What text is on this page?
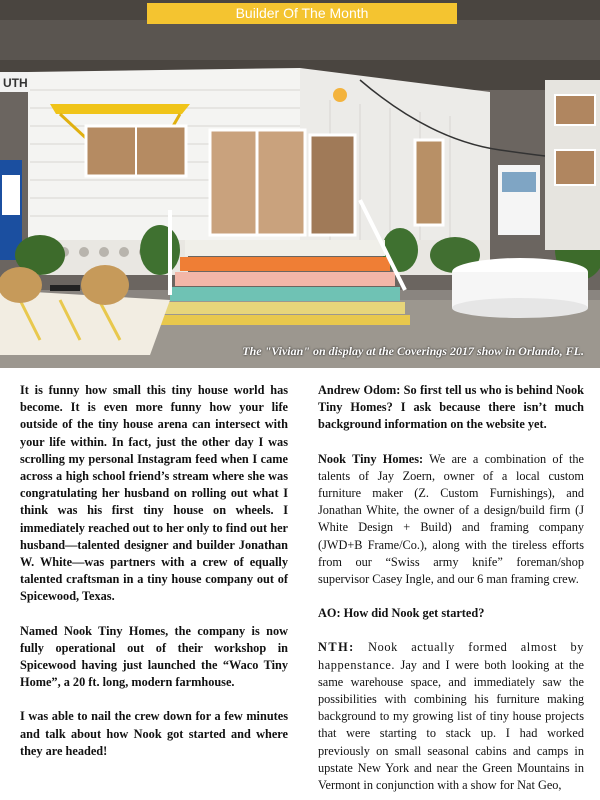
UTH
Builder Of The Month
The "Vivian" on display at the Coverings 2017 show in Orlando, FL.

It is funny how small this tiny house world has become. It is even more funny how your life outside of the tiny house arena can intersect with your life within. In fact, just the other day I was scrolling my personal Instagram feed when I came across a high school friend’s stream where she was congratulating her husband on rolling out what I think was his first tiny house on wheels. I immediately reached out to her only to find out her husband—talented designer and builder Jonathan W. White—was partners with a crew of equally talented craftsman in a tiny house company out of Spicewood, Texas.

Named Nook Tiny Homes, the company is now fully operational out of their workshop in Spicewood having just launched the “Waco Tiny Home”, a 20 ft. long, modern farmhouse.

I was able to nail the crew down for a few minutes and talk about how Nook got started and where they are headed!

Andrew Odom: So first tell us who is behind Nook Tiny Homes? I ask because there isn’t much background information on the website yet.

Nook Tiny Homes: We are a combination of the talents of Jay Zoern, owner of a local custom furniture maker (Z. Custom Furnishings), and Jonathan White, the owner of a design/build firm (J White Design + Build) and framing company (JWD+B Frame/Co.), along with the tireless efforts from our “Swiss army knife” foreman/shop supervisor Casey Ingle, and our 6 man framing crew.

AO: How did Nook get started?

NTH: Nook actually formed almost by happenstance. Jay and I were both looking at the same warehouse space, and immediately saw the possibilities with combining his furniture making background to my growing list of tiny house projects that were starting to stack up. I had worked previously on small seasonal cabins and camps in upstate New York and near the Green Mountains in Vermont in conjunction with a show for Nat Geo,
